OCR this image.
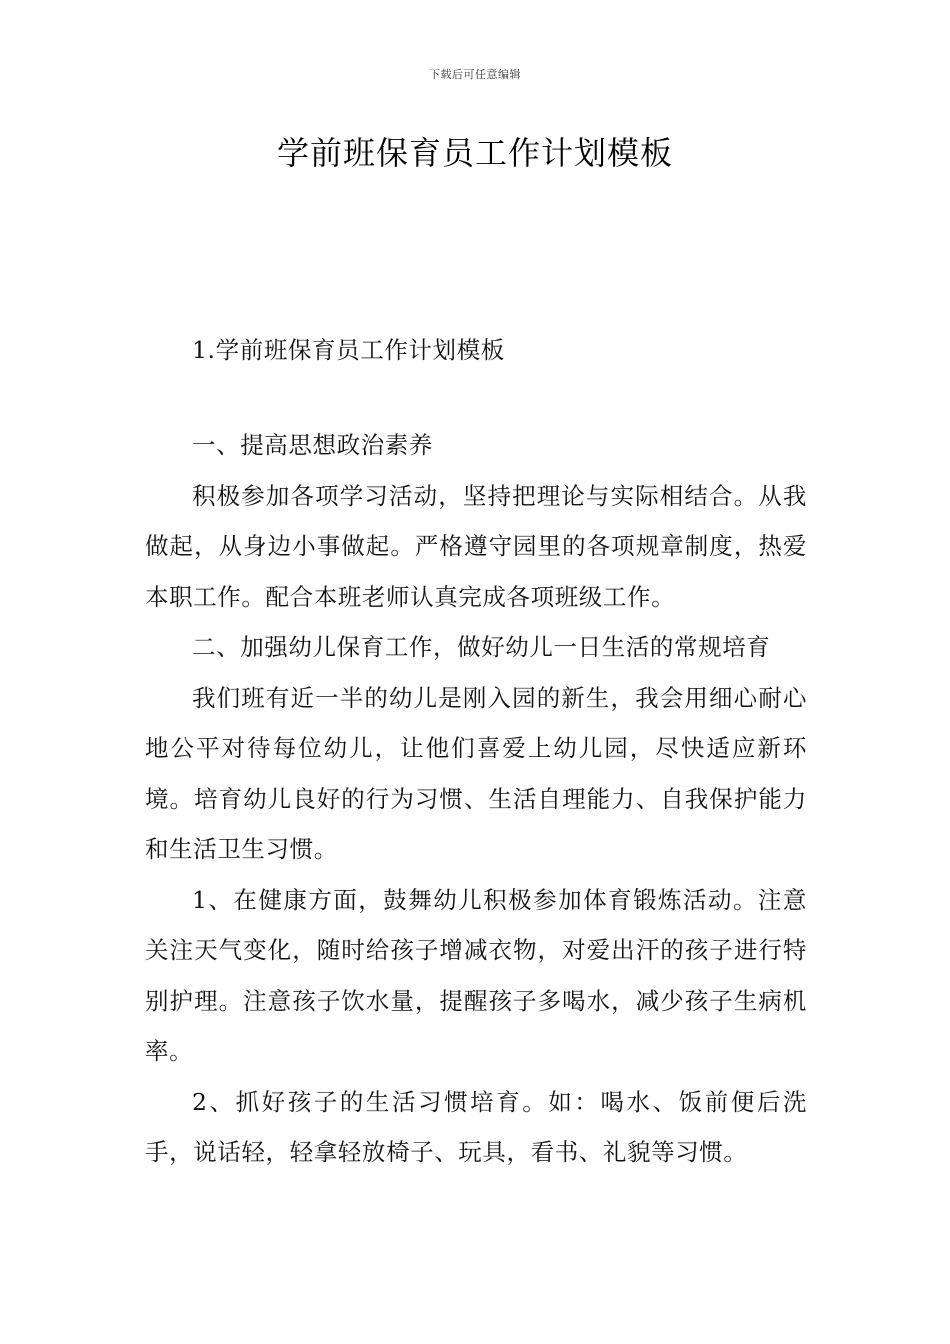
下载后可任意编辑
学前班保育员工作计划模板

1.学前班保育员工作计划模板

一、提高思想政治素养

积极参加各项学习活动，坚持把理论与实际相结合。从我做起，从身边小事做起。严格遵守园里的各项规章制度，热爱本职工作。配合本班老师认真完成各项班级工作。

二、加强幼儿保育工作，做好幼儿一日生活的常规培育

我们班有近一半的幼儿是刚入园的新生，我会用细心耐心地公平对待每位幼儿，让他们喜爱上幼儿园，尽快适应新环境。培育幼儿良好的行为习惯、生活自理能力、自我保护能力和生活卫生习惯。

1、在健康方面，鼓舞幼儿积极参加体育锻炼活动。注意关注天气变化，随时给孩子增减衣物，对爱出汗的孩子进行特别护理。注意孩子饮水量，提醒孩子多喝水，减少孩子生病机率。

2、抓好孩子的生活习惯培育。如：喝水、饭前便后洗手，说话轻，轻拿轻放椅子、玩具，看书、礼貌等习惯。
